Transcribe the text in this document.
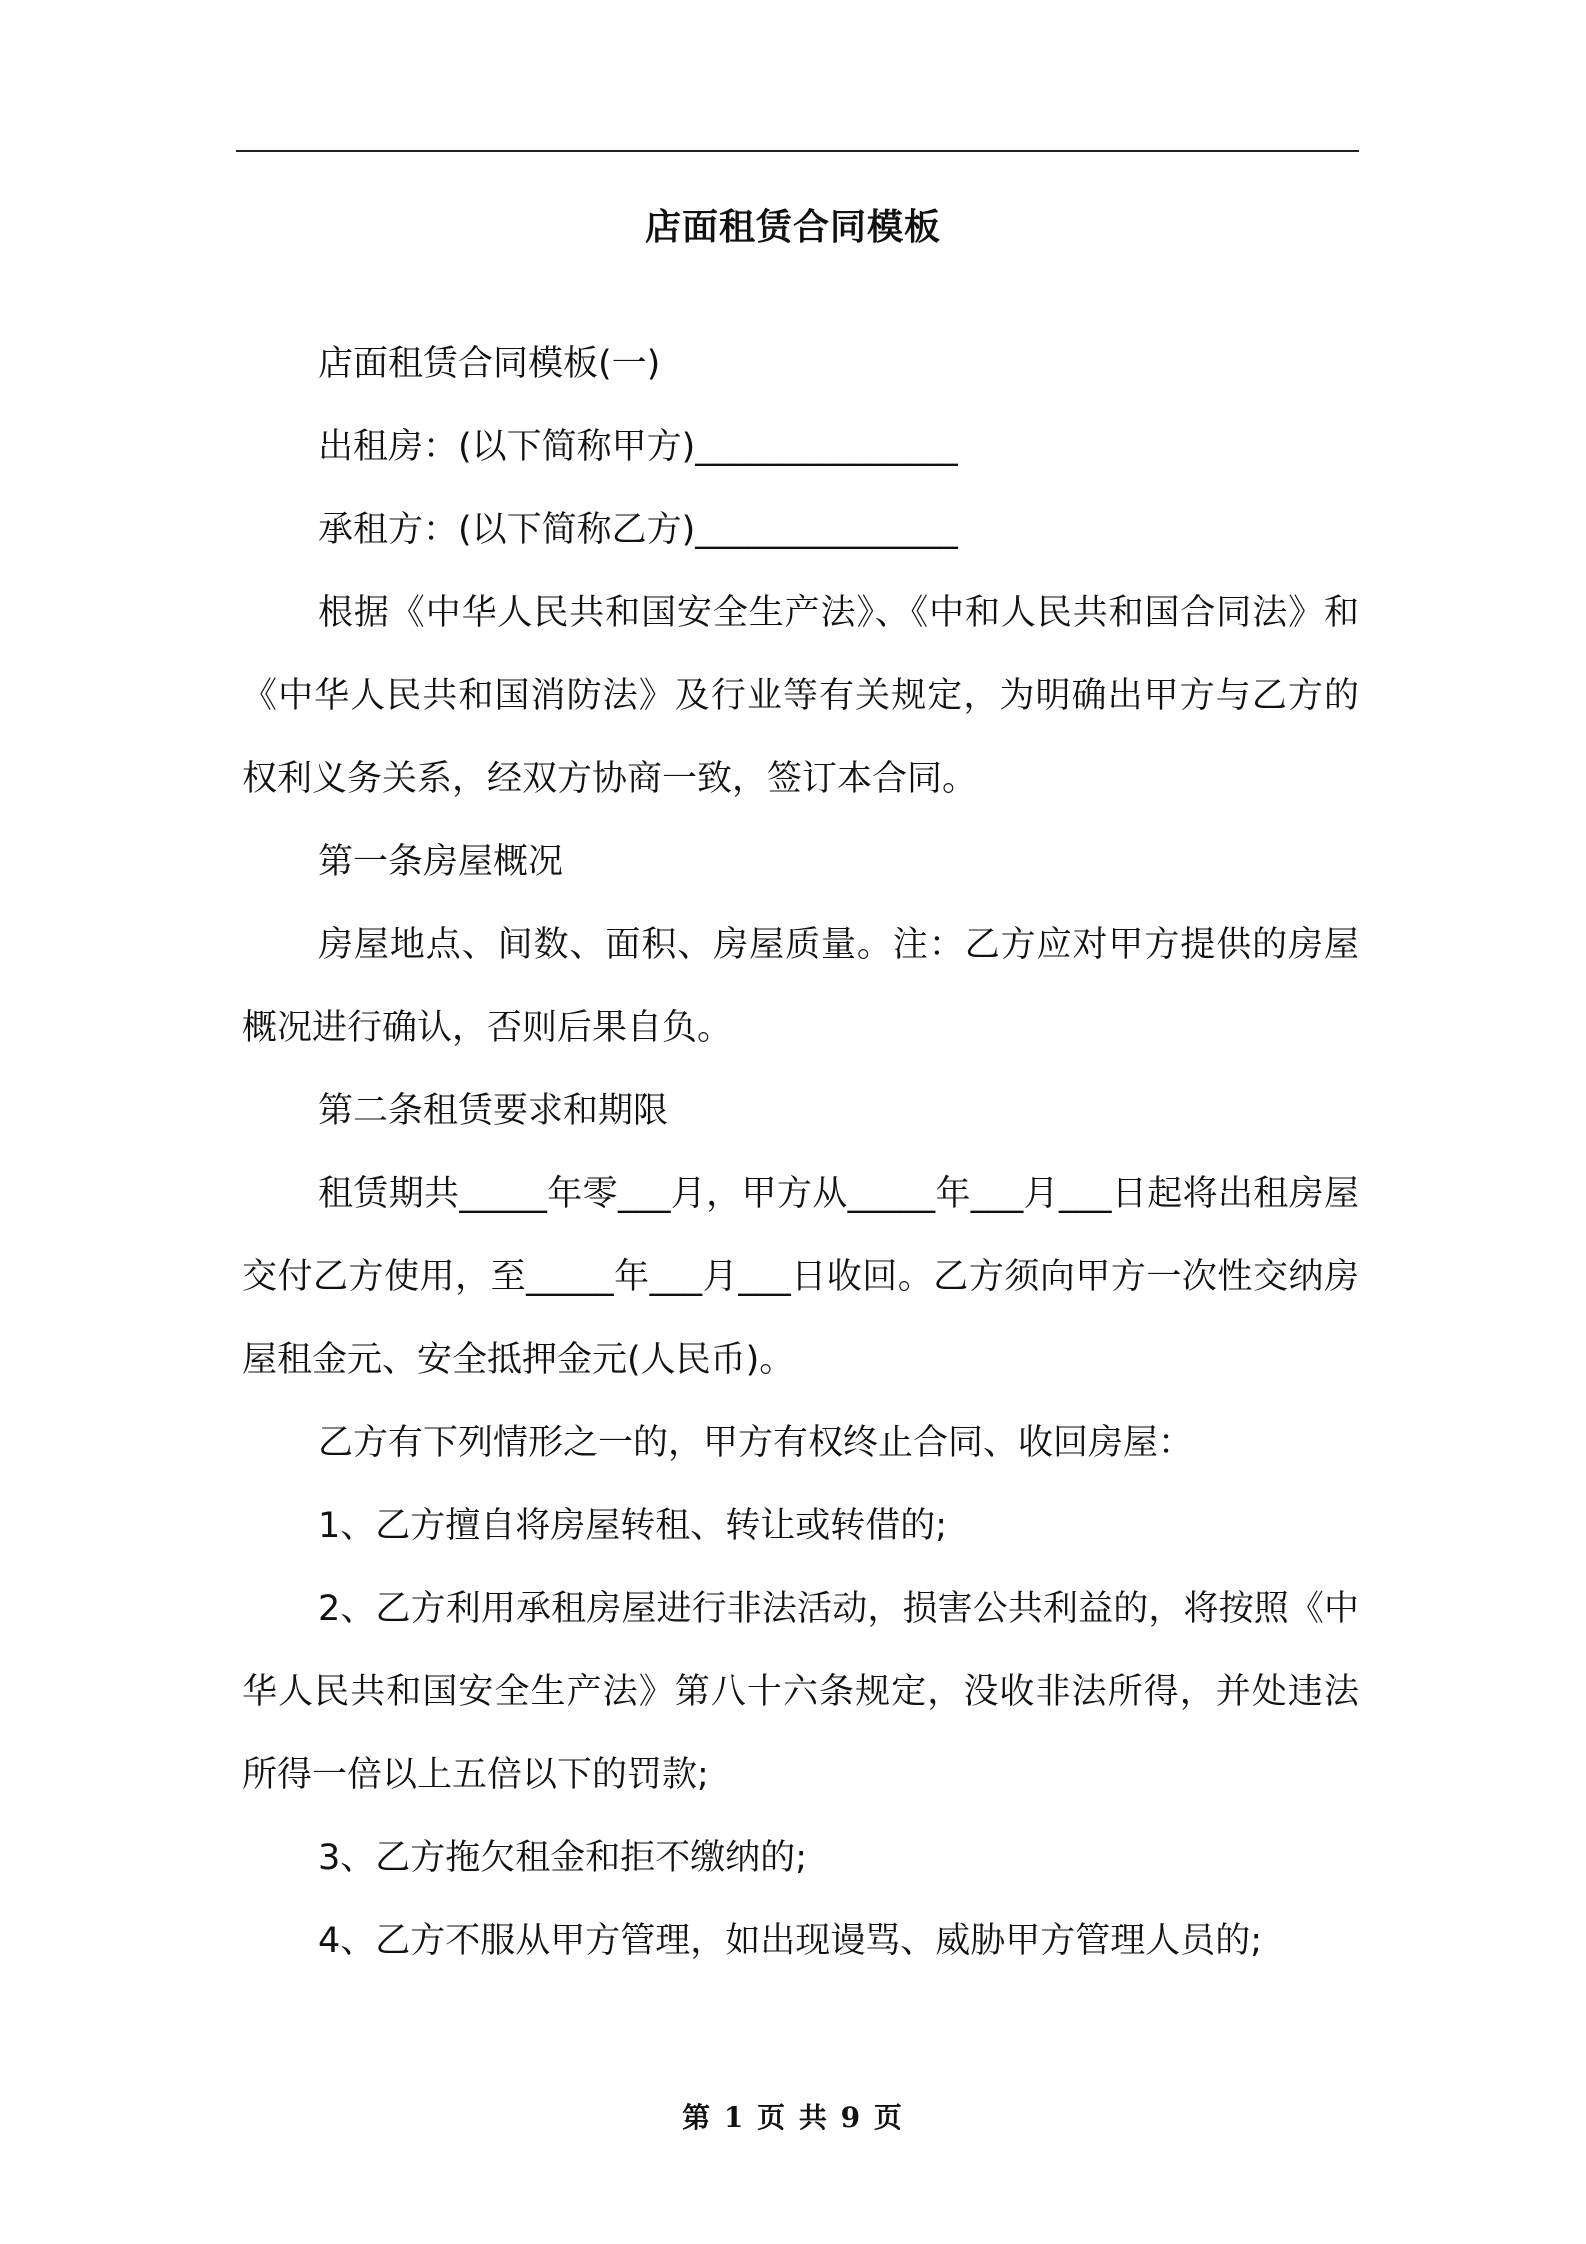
店面租赁合同模板

店面租赁合同模板(一)

出租房：(以下简称甲方)_______________

承租方：(以下简称乙方)_______________

根据《中华人民共和国安全生产法》、《中和人民共和国合同法》和《中华人民共和国消防法》及行业等有关规定，为明确出甲方与乙方的权利义务关系，经双方协商一致，签订本合同。

第一条房屋概况

房屋地点、间数、面积、房屋质量。注：乙方应对甲方提供的房屋概况进行确认，否则后果自负。

第二条租赁要求和期限

租赁期共_____年零___月，甲方从_____年___月___日起将出租房屋交付乙方使用，至_____年___月___日收回。乙方须向甲方一次性交纳房屋租金元、安全抵押金元(人民币)。

乙方有下列情形之一的，甲方有权终止合同、收回房屋：

1、乙方擅自将房屋转租、转让或转借的;

2、乙方利用承租房屋进行非法活动，损害公共利益的，将按照《中华人民共和国安全生产法》第八十六条规定，没收非法所得，并处违法所得一倍以上五倍以下的罚款;

3、乙方拖欠租金和拒不缴纳的;

4、乙方不服从甲方管理，如出现谩骂、威胁甲方管理人员的;

第 1 页 共 9 页
